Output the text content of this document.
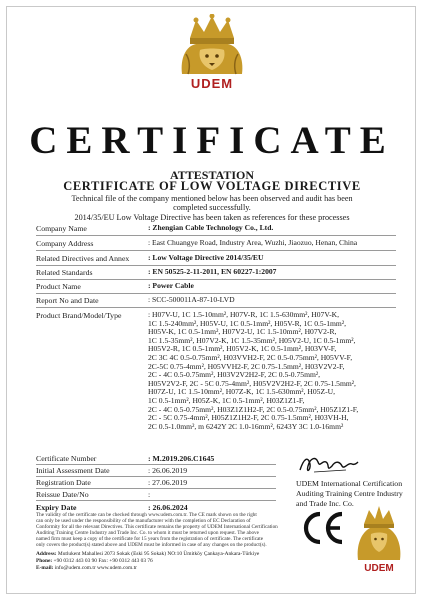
UDEM
CERTIFICATE
ATTESTATION
CERTIFICATE OF LOW VOLTAGE DIRECTIVE
Technical file of the company mentioned below has been observed and audit has been
completed successfully.
2014/35/EU Low Voltage Directive has been taken as references for these processes
Company Name	: Zhengian Cable Technology Co., Ltd.
Company Address	: East Chuangye Road, Industry Area, Wuzhi, Jiaozuo, Henan, China
Related Directives and Annex : Low Voltage Directive 2014/35/EU
Related Standards	: EN 50525-2-11-2011, EN 60227-1:2007
Product Name	: Power Cable
Report No and Date	: SCC-500011A-87-10-LVD
Product Brand/Model/Type	: H07V-U, 1C 1.5-10mm², H07V-R, 1C 1.5-630mm², H07V-K,
1C 1.5-240mm², H05V-U, 1C 0.5-1mm², H05V-R, 1C 0.5-1mm²,
H05V-K, 1C 0.5-1mm², H07V2-U, 1C 1.5-10mm², H07V2-R,
1C 1.5-35mm², H07V2-K, 1C 1.5-35mm², H05V2-U, 1C 0.5-1mm²,
H05V2-R, 1C 0.5-1mm², H05V2-K, 1C 0.5-1mm², H03VV-F,
2C 3C 4C 0.5-0.75mm², H03VVH2-F, 2C 0.5-0.75mm², H05VV-F,
2C-5C 0.75-4mm², H05VVH2-F, 2C 0.75-1.5mm², H03V2V2-F,
2C - 4C 0.5-0.75mm², H03V2V2H2-F, 2C 0.5-0.75mm²,
H05V2V2-F, 2C - 5C 0.75-4mm², H05V2V2H2-F, 2C 0.75-1.5mm²,
H07Z-U, 1C 1.5-10mm², H07Z-K, 1C 1.5-630mm², H05Z-U,
1C 0.5-1mm², H05Z-K, 1C 0.5-1mm², H03Z1Z1-F,
2C - 4C 0.5-0.75mm², H03Z1Z1H2-F, 2C 0.5-0.75mm², H05Z1Z1-F,
2C - 5C 0.75-4mm², H05Z1Z1H2-F, 2C 0.75-1.5mm², H03VH-H,
2C 0.5-1.0mm², m 6242Y 2C 1.0-16mm², 6243Y 3C 1.0-16mm²
Certificate Number	: M.2019.206.C1645
Initial Assessment Date	: 26.06.2019
Registration Date	: 27.06.2019
Reissue Date/No	:
Expiry Date	: 26.06.2024
UDEM International Certification
Auditing Training Centre Industry
and Trade Inc. Co.
The validity of the certificate can be checked through www.udem.com.tr. The CE mark shown on the right
can only be used under the responsibility of the manufacturer with the completion of EC Declaration of
Conformity for all the relevant Directives. This certificate remains the property of UDEM International Certification
Auditing Training Centre Industry and Trade Inc. Co. to whom it must be returned upon request. The above
named firm must keep a copy of the certificate for 15 years from the registration of certificate. The certificate
only covers the product(s) stated above and UDEM must be informed in case of any changes on the product(s).
Address: Mutlukent Mahallesi 2073 Sokak (Eski 95 Sokak) NO:10 Ümitköy Çankaya-Ankara-Türkiye
Phone: +90 0312 443 03 90 Fax: +90 0312 443 03 76
E-mail: info@udem.com.tr www.udem.com.tr	UDEM
